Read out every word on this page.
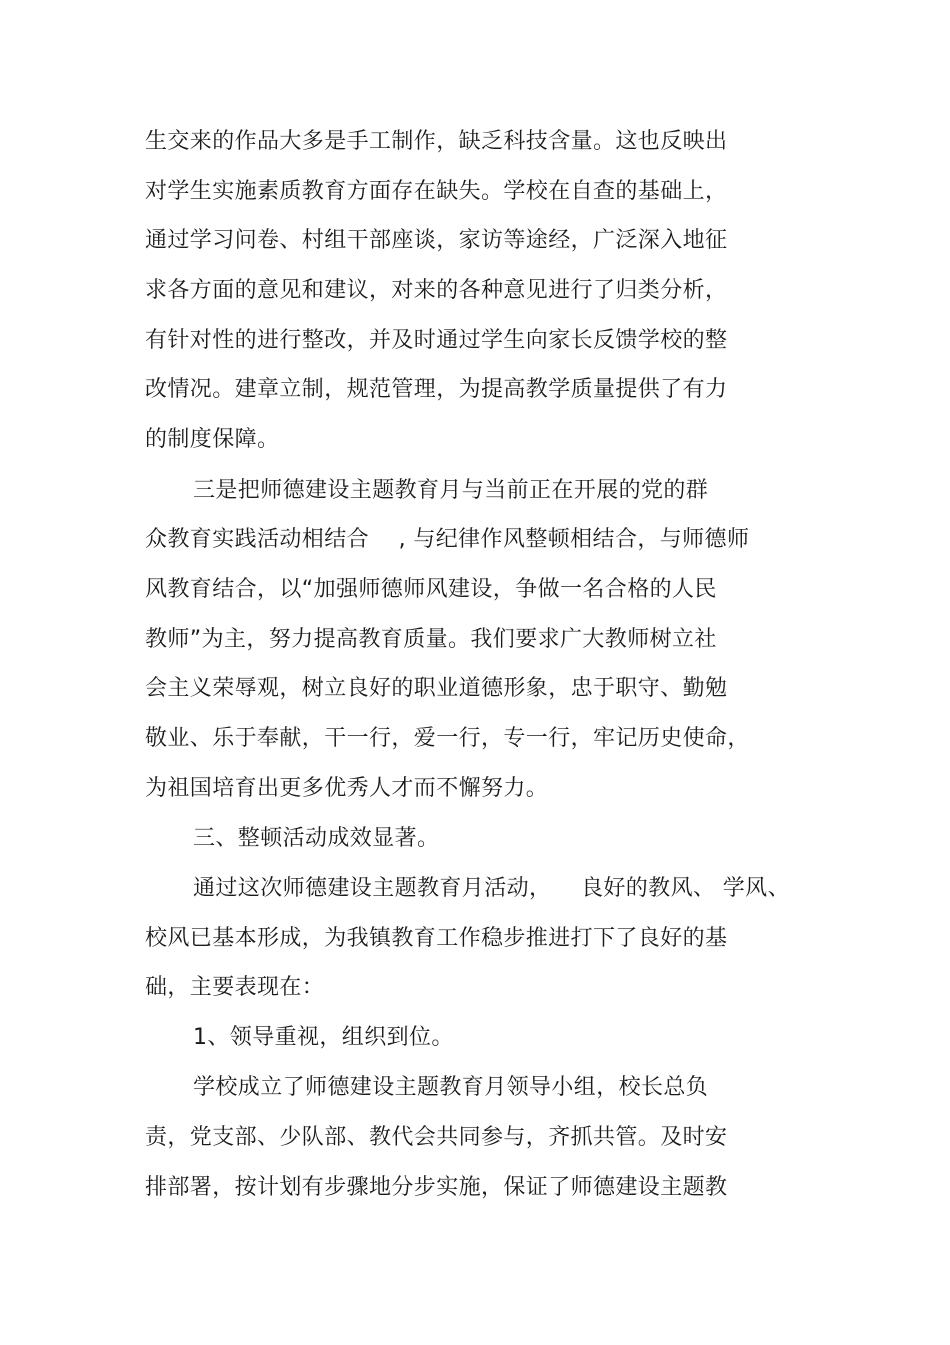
生交来的作品大多是手工制作，缺乏科技含量。这也反映出
对学生实施素质教育方面存在缺失。学校在自查的基础上，
通过学习问卷、村组干部座谈，家访等途经，广泛深入地征
求各方面的意见和建议，对来的各种意见进行了归类分析，
有针对性的进行整改，并及时通过学生向家长反馈学校的整
改情况。建章立制，规范管理，为提高教学质量提供了有力
的制度保障。
三是把师德建设主题教育月与当前正在开展的党的群
众教育实践活动相结合    , 与纪律作风整顿相结合，与师德师
风教育结合，以“加强师德师风建设，争做一名合格的人民
教师”为主，努力提高教育质量。我们要求广大教师树立社
会主义荣辱观，树立良好的职业道德形象，忠于职守、勤勉
敬业、乐于奉献，干一行，爱一行，专一行，牢记历史使命，
为祖国培育出更多优秀人才而不懈努力。
三、整顿活动成效显著。
通过这次师德建设主题教育月活动，    良好的教风、 学风、
校风已基本形成，为我镇教育工作稳步推进打下了良好的基
础，主要表现在：
1、领导重视，组织到位。
学校成立了师德建设主题教育月领导小组，校长总负
责，党支部、少队部、教代会共同参与，齐抓共管。及时安
排部署，按计划有步骤地分步实施，保证了师德建设主题教
